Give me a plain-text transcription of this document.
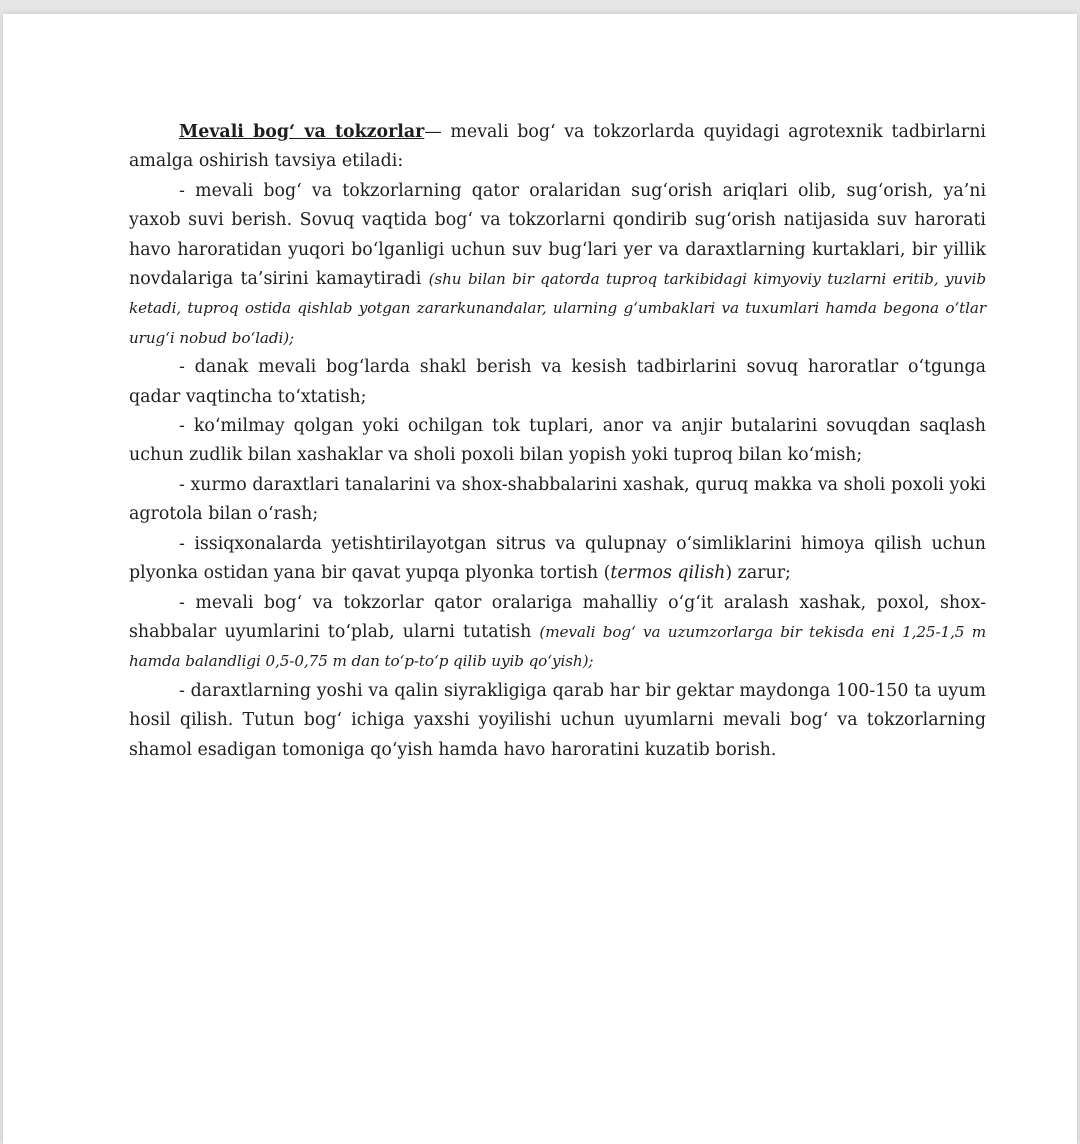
Mevali bog‘ va tokzorlar— mevali bog‘ va tokzorlarda quyidagi agrotexnik tadbirlarni amalga oshirish tavsiya etiladi:

- mevali bog‘ va tokzorlarning qator oralaridan sug‘orish ariqlari olib, sug‘orish, ya’ni yaxob suvi berish. Sovuq vaqtida bog‘ va tokzorlarni qondirib sug‘orish natijasida suv harorati havo haroratidan yuqori bo‘lganligi uchun suv bug‘lari yer va daraxtlarning kurtaklari, bir yillik novdalariga ta’sirini kamaytiradi (shu bilan bir qatorda tuproq tarkibidagi kimyoviy tuzlarni eritib, yuvib ketadi, tuproq ostida qishlab yotgan zararkunandalar, ularning g‘umbaklari va tuxumlari hamda begona o‘tlar urug‘i nobud bo‘ladi);

- danak mevali bog‘larda shakl berish va kesish tadbirlarini sovuq haroratlar o‘tgunga qadar vaqtincha to‘xtatish;

- ko‘milmay qolgan yoki ochilgan tok tuplari, anor va anjir butalarini sovuqdan saqlash uchun zudlik bilan xashaklar va sholi poxoli bilan yopish yoki tuproq bilan ko‘mish;

- xurmo daraxtlari tanalarini va shox-shabbalarini xashak, quruq makka va sholi poxoli yoki agrotola bilan o‘rash;

- issiqxonalarda yetishtirilayotgan sitrus va qulupnay o‘simliklarini himoya qilish uchun plyonka ostidan yana bir qavat yupqa plyonka tortish (termos qilish) zarur;

- mevali bog‘ va tokzorlar qator oralariga mahalliy o‘g‘it aralash xashak, poxol, shox-shabbalar uyumlarini to‘plab, ularni tutatish (mevali bog‘ va uzumzorlarga bir tekisda eni 1,25-1,5 m hamda balandligi 0,5-0,75 m dan to‘p-to‘p qilib uyib qo‘yish);

- daraxtlarning yoshi va qalin siyrakligiga qarab har bir gektar maydonga 100-150 ta uyum hosil qilish. Tutun bog‘ ichiga yaxshi yoyilishi uchun uyumlarni mevali bog‘ va tokzorlarning shamol esadigan tomoniga qo‘yish hamda havo haroratini kuzatib borish.
